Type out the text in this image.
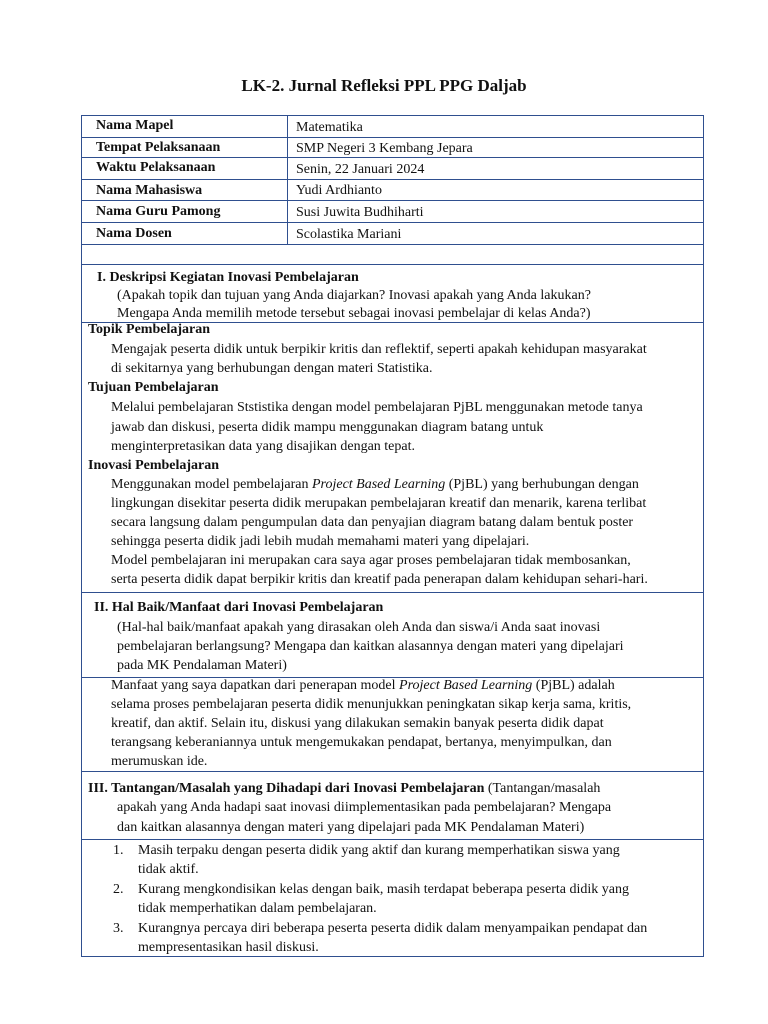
LK-2. Jurnal Refleksi PPL PPG Daljab
Nama Mapel	Matematika
Tempat Pelaksanaan	SMP Negeri 3 Kembang Jepara
Waktu Pelaksanaan	Senin, 22 Januari 2024
Nama Mahasiswa	Yudi Ardhianto
Nama Guru Pamong	Susi Juwita Budhiharti
Nama Dosen	Scolastika Mariani
I. Deskripsi Kegiatan Inovasi Pembelajaran
(Apakah topik dan tujuan yang Anda diajarkan? Inovasi apakah yang Anda lakukan?
Mengapa Anda memilih metode tersebut sebagai inovasi pembelajar di kelas Anda?)
Topik Pembelajaran
Mengajak peserta didik untuk berpikir kritis dan reflektif, seperti apakah kehidupan masyarakat
di sekitarnya yang berhubungan dengan materi Statistika.
Tujuan Pembelajaran
Melalui pembelajaran Ststistika dengan model pembelajaran PjBL menggunakan metode tanya
jawab dan diskusi, peserta didik mampu menggunakan diagram batang untuk
menginterpretasikan data yang disajikan dengan tepat.
Inovasi Pembelajaran
Menggunakan model pembelajaran Project Based Learning (PjBL) yang berhubungan dengan
lingkungan disekitar peserta didik merupakan pembelajaran kreatif dan menarik, karena terlibat
secara langsung dalam pengumpulan data dan penyajian diagram batang dalam bentuk poster
sehingga peserta didik jadi lebih mudah memahami materi yang dipelajari.
Model pembelajaran ini merupakan cara saya agar proses pembelajaran tidak membosankan,
serta peserta didik dapat berpikir kritis dan kreatif pada penerapan dalam kehidupan sehari-hari.
II. Hal Baik/Manfaat dari Inovasi Pembelajaran
(Hal-hal baik/manfaat apakah yang dirasakan oleh Anda dan siswa/i Anda saat inovasi
pembelajaran berlangsung? Mengapa dan kaitkan alasannya dengan materi yang dipelajari
pada MK Pendalaman Materi)
Manfaat yang saya dapatkan dari penerapan model Project Based Learning (PjBL) adalah
selama proses pembelajaran peserta didik menunjukkan peningkatan sikap kerja sama, kritis,
kreatif, dan aktif. Selain itu, diskusi yang dilakukan semakin banyak peserta didik dapat
terangsang keberaniannya untuk mengemukakan pendapat, bertanya, menyimpulkan, dan
merumuskan ide.
III. Tantangan/Masalah yang Dihadapi dari Inovasi Pembelajaran (Tantangan/masalah
apakah yang Anda hadapi saat inovasi diimplementasikan pada pembelajaran? Mengapa
dan kaitkan alasannya dengan materi yang dipelajari pada MK Pendalaman Materi)
1. Masih terpaku dengan peserta didik yang aktif dan kurang memperhatikan siswa yang
tidak aktif.
2. Kurang mengkondisikan kelas dengan baik, masih terdapat beberapa peserta didik yang
tidak memperhatikan dalam pembelajaran.
3. Kurangnya percaya diri beberapa peserta peserta didik dalam menyampaikan pendapat dan
mempresentasikan hasil diskusi.
